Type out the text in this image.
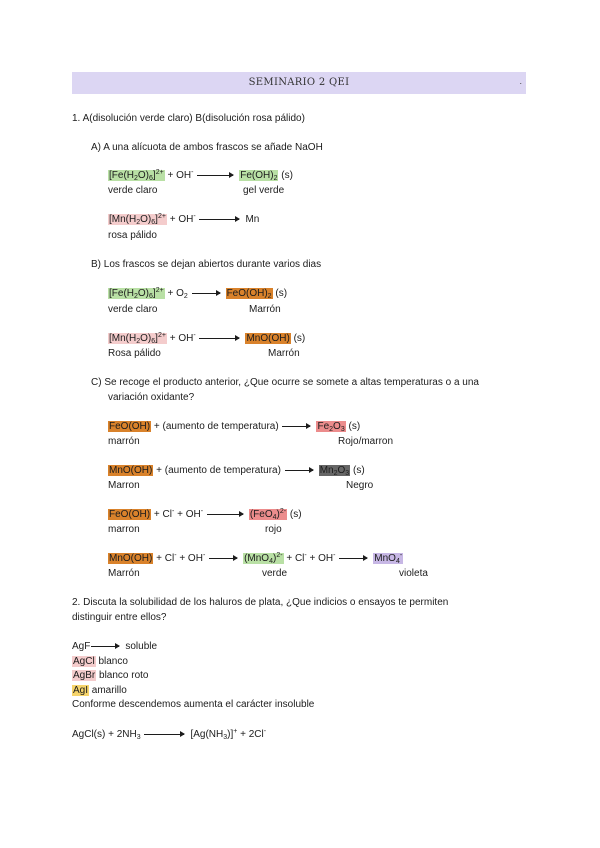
SEMINARIO 2 QEI	.
1. A(disolución verde claro) B(disolución rosa pálido)
A) A una alícuota de ambos frascos se añade NaOH
$[Fe(H_2O)_6]^{2+} + OH^-$	$Fe(OH)_2$ (s)
verde claro	gel verde
$[Mn(H_2O)_6]^{2+} + OH^-$	Mn
rosa pálido
B) Los frascos se dejan abiertos durante varios dias
$[Fe(H_2O)_6]^{2+} + O_2$	$FeO(OH)_2$ (s)
verde claro	Marrón
$[Mn(H_2O)_6]^{2+} + OH^-$	MnO(OH) (s)
Rosa pálido	Marrón
C) Se recoge el producto anterior, ¿Que ocurre se somete a altas temperaturas o a una
variación oxidante?
FeO(OH) + (aumento de temperatura)	$Fe_2O_3$ (s)
marrón	Rojo/marron
MnO(OH) + (aumento de temperatura)	$Mn_2O_3$ (s)
Marron	Negro
FeO(OH) + Cl- + OH-	$(FeO_4)^{2-}$ (s)
marron	rojo
MnO(OH) + Cl- + OH-	$(MnO_4)^{2-} + Cl^- + OH^-$	MnO$_4$-
Marrón	verde	violeta
2. Discuta la solubilidad de los haluros de plata, ¿Que indicios o ensayos te permiten
distinguir entre ellos?
AgF	soluble
AgCl blanco
AgBr blanco roto
AgI amarillo
Conforme descendemos aumenta el carácter insoluble
AgCl(s) + $2NH_3$	$[Ag(NH_3)]^+ + 2Cl^-$
